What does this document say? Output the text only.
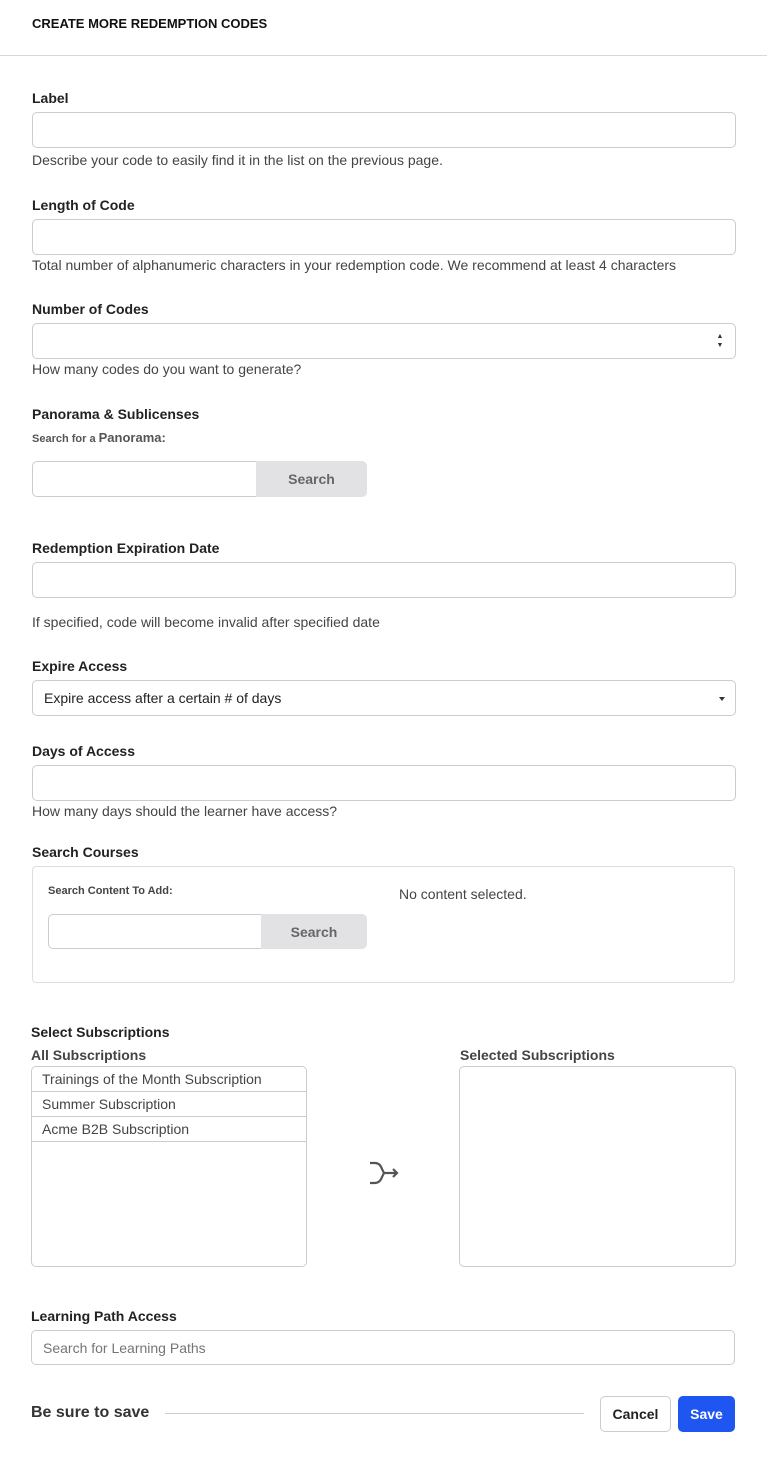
CREATE MORE REDEMPTION CODES
Label
Describe your code to easily find it in the list on the previous page.
Length of Code
Total number of alphanumeric characters in your redemption code. We recommend at least 4 characters
Number of Codes
▲
▼
How many codes do you want to generate?
Panorama & Sublicenses
Search for a Panorama:
Search
Redemption Expiration Date
If specified, code will become invalid after specified date
Expire Access
Expire access after a certain # of days
Days of Access
How many days should the learner have access?
Search Courses
Search Content To Add:	No content selected.
Search
Select Subscriptions
All Subscriptions	Selected Subscriptions
Trainings of the Month Subscription
Summer Subscription
Acme B2B Subscription
Learning Path Access
Search for Learning Paths
Be sure to save	Cancel	Save
